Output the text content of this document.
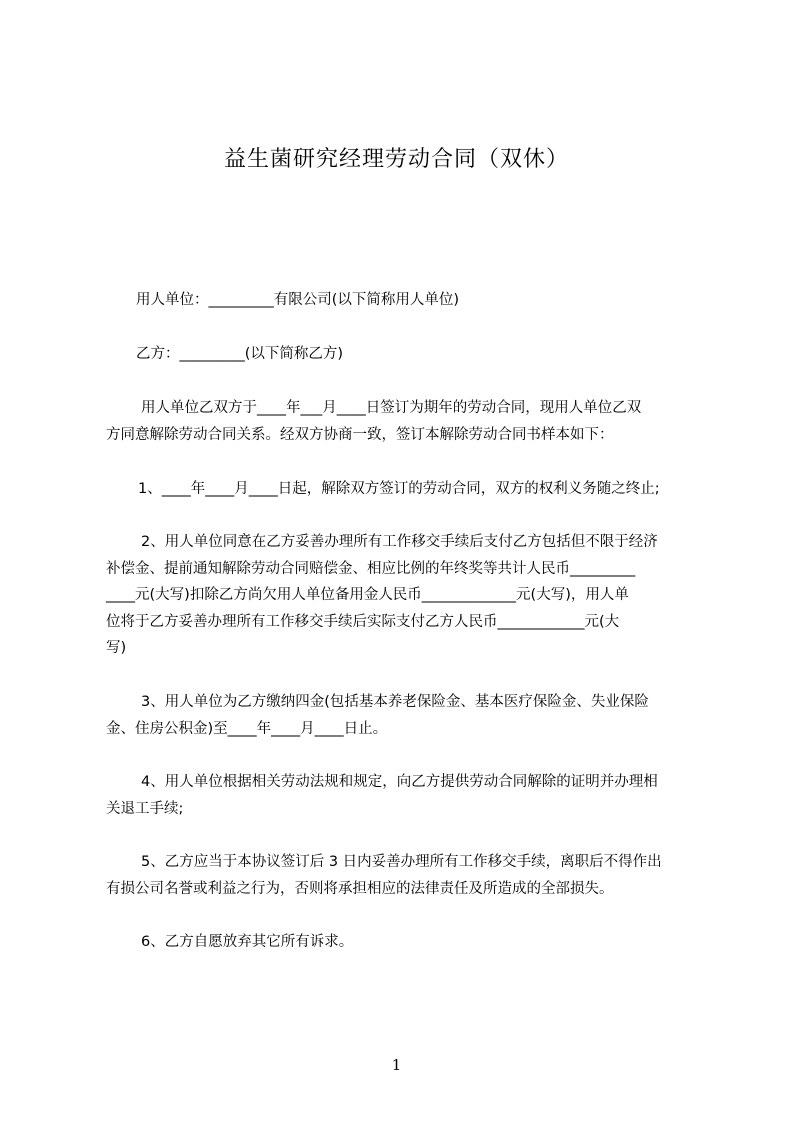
益生菌研究经理劳动合同（双休）
用人单位：_________有限公司(以下简称用人单位)
乙方：_________(以下简称乙方)
用人单位乙双方于____年___月____日签订为期年的劳动合同，现用人单位乙双
方同意解除劳动合同关系。经双方协商一致，签订本解除劳动合同书样本如下：
1、____年____月____日起，解除双方签订的劳动合同，双方的权利义务随之终止;
2、用人单位同意在乙方妥善办理所有工作移交手续后支付乙方包括但不限于经济
补偿金、提前通知解除劳动合同赔偿金、相应比例的年终奖等共计人民币_________
____元(大写)扣除乙方尚欠用人单位备用金人民币_____________元(大写)，用人单
位将于乙方妥善办理所有工作移交手续后实际支付乙方人民币____________元(大
写)
3、用人单位为乙方缴纳四金(包括基本养老保险金、基本医疗保险金、失业保险
金、住房公积金)至____年____月____日止。
4、用人单位根据相关劳动法规和规定，向乙方提供劳动合同解除的证明并办理相
关退工手续;
5、乙方应当于本协议签订后 3 日内妥善办理所有工作移交手续，离职后不得作出
有损公司名誉或利益之行为，否则将承担相应的法律责任及所造成的全部损失。
6、乙方自愿放弃其它所有诉求。
1
